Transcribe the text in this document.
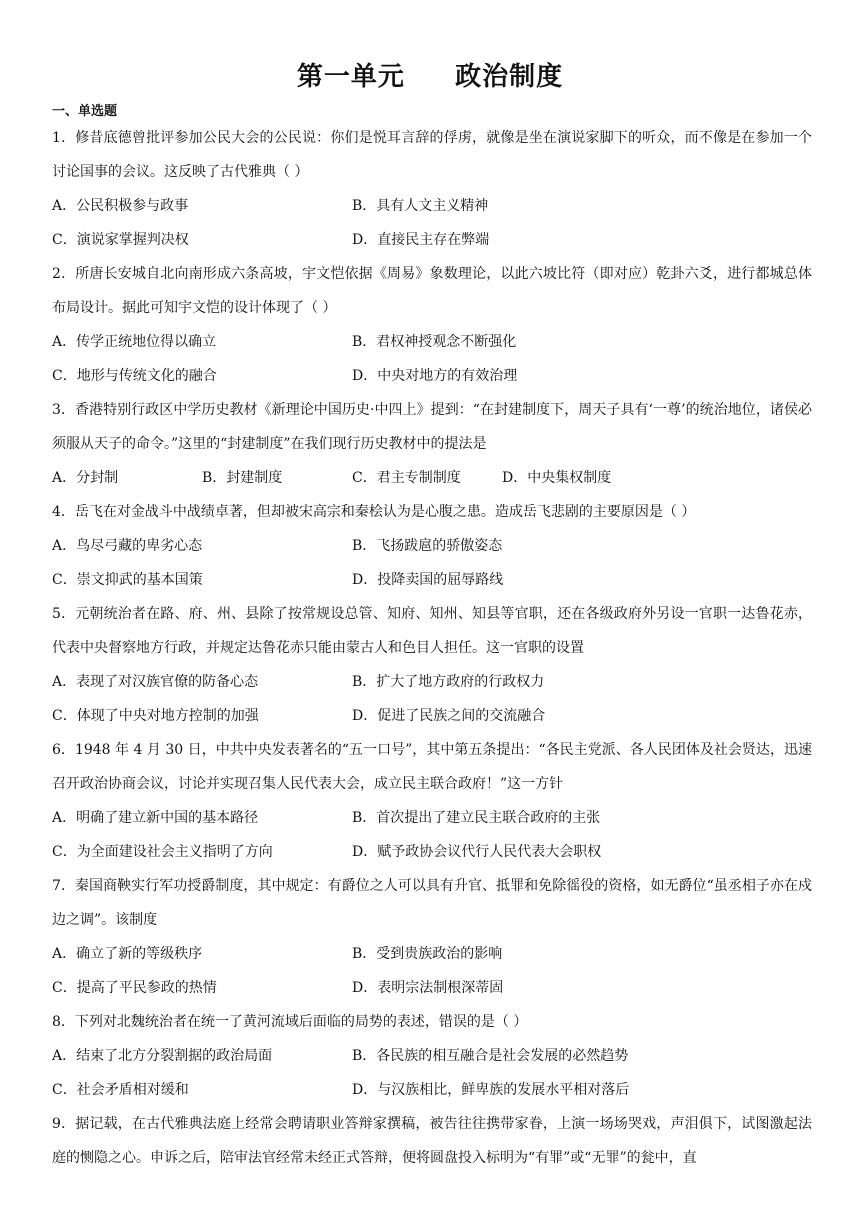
第一单元     政治制度
一、单选题

1．修昔底德曾批评参加公民大会的公民说：你们是悦耳言辞的俘虏，就像是坐在演说家脚下的听众，而不像是在参加一个讨论国事的会议。这反映了古代雅典（ ）

A．公民积极参与政事	B．具有人文主义精神
C．演说家掌握判决权	D．直接民主存在弊端

2．所唐长安城自北向南形成六条高坡，宇文恺依据《周易》象数理论，以此六坡比符（即对应）乾卦六爻，进行都城总体布局设计。据此可知宇文恺的设计体现了（ ）

A．传学正统地位得以确立	B．君权神授观念不断强化
C．地形与传统文化的融合	D．中央对地方的有效治理

3．香港特别行政区中学历史教材《新理论中国历史·中四上》提到：“在封建制度下，周天子具有‘一尊’的统治地位，诸侯必须服从天子的命令。”这里的“封建制度”在我们现行历史教材中的提法是

A．分封制	B．封建制度	C．君主专制制度	D．中央集权制度

4．岳飞在对金战斗中战绩卓著，但却被宋高宗和秦桧认为是心腹之患。造成岳飞悲剧的主要原因是（ ）

A．鸟尽弓藏的卑劣心态	B．飞扬跋扈的骄傲姿态
C．崇文抑武的基本国策	D．投降卖国的屈辱路线

5．元朝统治者在路、府、州、县除了按常规设总管、知府、知州、知县等官职，还在各级政府外另设一官职一达鲁花赤，代表中央督察地方行政，并规定达鲁花赤只能由蒙古人和色目人担任。这一官职的设置

A．表现了对汉族官僚的防备心态	B．扩大了地方政府的行政权力
C．体现了中央对地方控制的加强	D．促进了民族之间的交流融合

6．1948 年 4 月 30 日，中共中央发表著名的“五一口号”，其中第五条提出：“各民主党派、各人民团体及社会贤达，迅速召开政治协商会议，讨论并实现召集人民代表大会，成立民主联合政府！”这一方针

A．明确了建立新中国的基本路径	B．首次提出了建立民主联合政府的主张
C．为全面建设社会主义指明了方向	D．赋予政协会议代行人民代表大会职权

7．秦国商鞅实行军功授爵制度，其中规定：有爵位之人可以具有升官、抵罪和免除徭役的资格，如无爵位“虽丞相子亦在戍边之调”。该制度

A．确立了新的等级秩序	B．受到贵族政治的影响
C．提高了平民参政的热情	D．表明宗法制根深蒂固

8．下列对北魏统治者在统一了黄河流域后面临的局势的表述，错误的是（ ）

A．结束了北方分裂割据的政治局面	B．各民族的相互融合是社会发展的必然趋势
C．社会矛盾相对缓和	D．与汉族相比，鲜卑族的发展水平相对落后

9．据记载，在古代雅典法庭上经常会聘请职业答辩家撰稿，被告往往携带家眷，上演一场场哭戏，声泪俱下，试图激起法庭的恻隐之心。申诉之后，陪审法官经常未经正式答辩，便将圆盘投入标明为“有罪”或“无罪”的瓮中，直
